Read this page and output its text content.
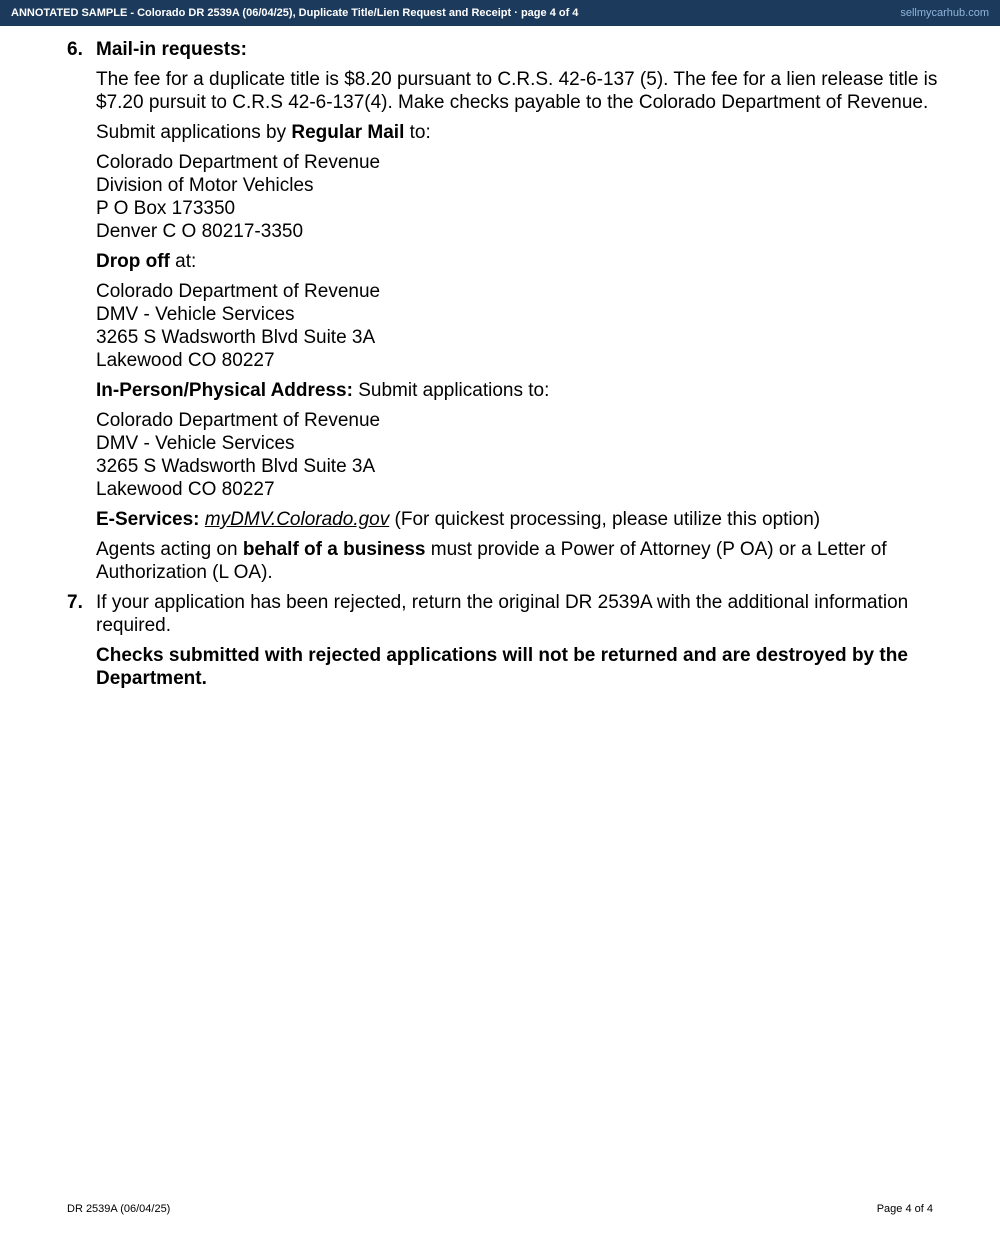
ANNOTATED SAMPLE - Colorado DR 2539A (06/04/25), Duplicate Title/Lien Request and Receipt · page 4 of 4	sellmycarhub.com
6. Mail-in requests:

The fee for a duplicate title is $8.20 pursuant to C.R.S. 42-6-137 (5). The fee for a lien release title is $7.20 pursuit to C.R.S 42-6-137(4). Make checks payable to the Colorado Department of Revenue.

Submit applications by Regular Mail to:

Colorado Department of Revenue
Division of Motor Vehicles
P O Box 173350
Denver C O 80217-3350

Drop off at:

Colorado Department of Revenue
DMV - Vehicle Services
3265 S Wadsworth Blvd Suite 3A
Lakewood CO 80227

In-Person/Physical Address: Submit applications to:

Colorado Department of Revenue
DMV - Vehicle Services
3265 S Wadsworth Blvd Suite 3A
Lakewood CO 80227

E-Services: myDMV.Colorado.gov (For quickest processing, please utilize this option)

Agents acting on behalf of a business must provide a Power of Attorney (P OA) or a Letter of Authorization (L OA).

7. If your application has been rejected, return the original DR 2539A with the additional information required.

Checks submitted with rejected applications will not be returned and are destroyed by the Department.

DR 2539A (06/04/25)	Page 4 of 4
